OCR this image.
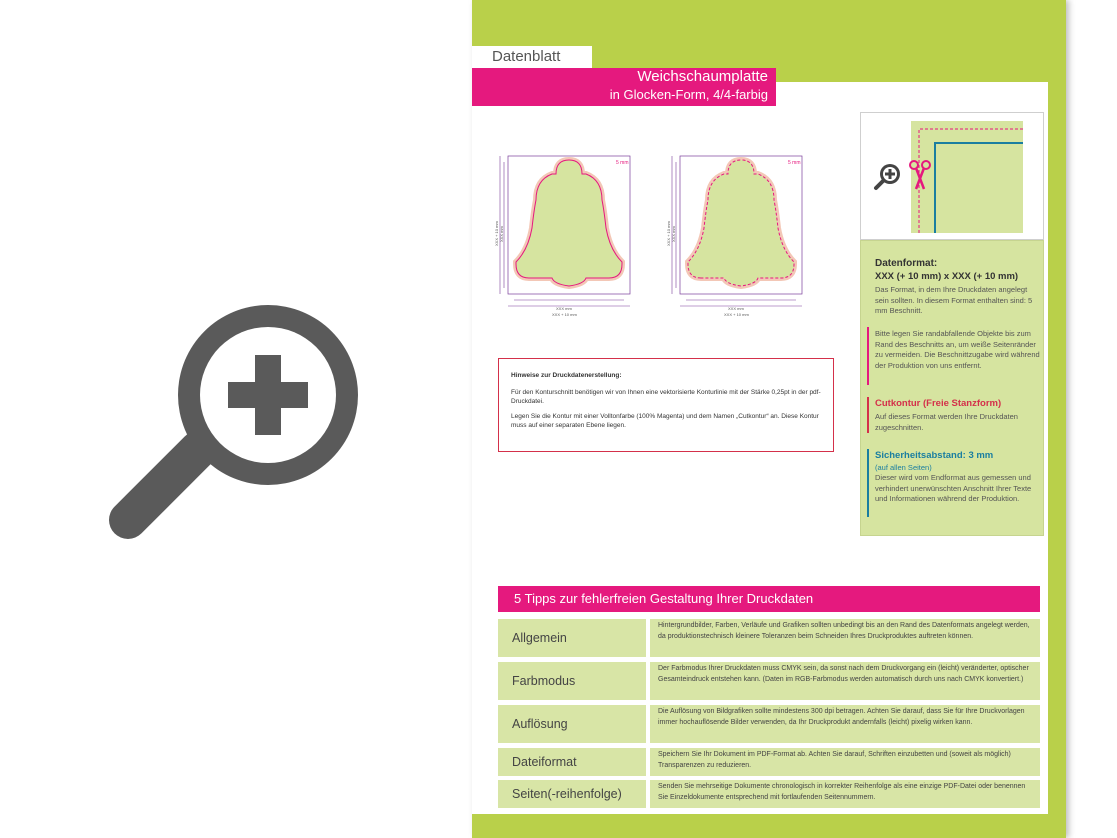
Datenblatt
Weichschaumplatte
in Glocken-Form, 4/4-farbig
5 mm
XXX mm
XXX + 10 mm
XXX + 10 mm XXX mm
5 mm
XXX mm
XXX + 10 mm
XXX + 10 mm XXX mm

Hinweise zur Druckdatenerstellung:

Für den Konturschnitt benötigen wir von Ihnen eine vektorisierte Konturlinie mit der Stärke 0,25pt in der pdf-Druckdatei.

Legen Sie die Kontur mit einer Volltonfarbe (100% Magenta) und dem Namen „Cutkontur“ an. Diese Kontur muss auf einer separaten Ebene liegen.

Datenformat:
XXX (+ 10 mm) x XXX (+ 10 mm)
Das Format, in dem Ihre Druckdaten angelegt sein sollten. In diesem Format enthalten sind: 5 mm Beschnitt.
Bitte legen Sie randabfallende Objekte bis zum Rand des Beschnitts an, um weiße Seitenränder zu vermeiden. Die Beschnittzugabe wird während der Produktion von uns entfernt.
Cutkontur (Freie Stanzform)
Auf dieses Format werden Ihre Druckdaten zugeschnitten.
Sicherheitsabstand: 3 mm
(auf allen Seiten)
Dieser wird vom Endformat aus gemessen und verhindert unerwünschten Anschnitt Ihrer Texte und Informationen während der Produktion.
5 Tipps zur fehlerfreien Gestaltung Ihrer Druckdaten
Allgemein
Hintergrundbilder, Farben, Verläufe und Grafiken sollten unbedingt bis an den Rand des Datenformats angelegt werden, da produktionstechnisch kleinere Toleranzen beim Schneiden Ihres Druckproduktes auftreten können.
Farbmodus
Der Farbmodus Ihrer Druckdaten muss CMYK sein, da sonst nach dem Druckvorgang ein (leicht) veränderter, optischer Gesamteindruck entstehen kann. (Daten im RGB-Farbmodus werden automatisch durch uns nach CMYK konvertiert.)
Auflösung
Die Auflösung von Bildgrafiken sollte mindestens 300 dpi betragen. Achten Sie darauf, dass Sie für Ihre Druckvorlagen immer hochauflösende Bilder verwenden, da Ihr Druckprodukt andernfalls (leicht) pixelig wirken kann.
Dateiformat
Speichern Sie Ihr Dokument im PDF-Format ab. Achten Sie darauf, Schriften einzubetten und (soweit als möglich) Transparenzen zu reduzieren.
Seiten(-reihenfolge)
Senden Sie mehrseitige Dokumente chronologisch in korrekter Reihenfolge als eine einzige PDF-Datei oder benennen Sie Einzeldokumente entsprechend mit fortlaufenden Seitennummern.
